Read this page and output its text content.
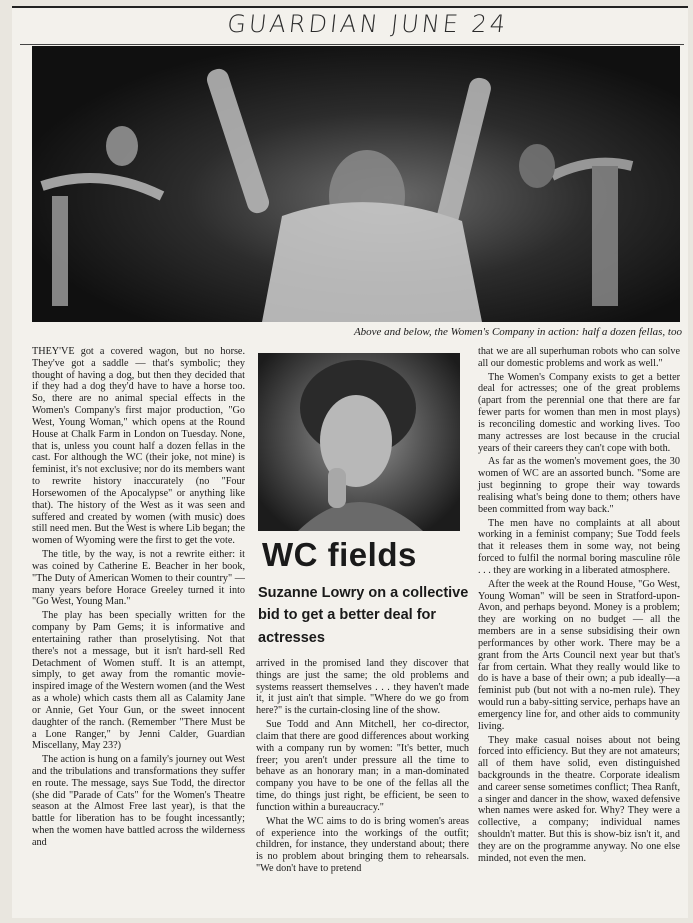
GUARDIAN JUNE 24
Above and below, the Women's Company in action: half a dozen fellas, too

THEY'VE got a covered wagon, but no horse. They've got a saddle — that's symbolic; they thought of having a dog, but then they decided that if they had a dog they'd have to have a horse too. So, there are no animal special effects in the Women's Company's first major production, "Go West, Young Woman," which opens at the Round House at Chalk Farm in London on Tuesday. None, that is, unless you count half a dozen fellas in the cast. For although the WC (their joke, not mine) is feminist, it's not exclusive; nor do its members want to rewrite history inaccurately (no "Four Horsewomen of the Apocalypse" or anything like that). The history of the West as it was seen and suffered and created by women (with music) does still need men. But the West is where Lib began; the women of Wyoming were the first to get the vote.

The title, by the way, is not a rewrite either: it was coined by Catherine E. Beacher in her book, "The Duty of American Women to their country" — many years before Horace Greeley turned it into "Go West, Young Man."

The play has been specially written for the company by Pam Gems; it is informative and entertaining rather than proselytising. Not that there's not a message, but it isn't hard-sell Red Detachment of Women stuff. It is an attempt, simply, to get away from the romantic movie-inspired image of the Western women (and the West as a whole) which casts them all as Calamity Jane or Annie, Get Your Gun, or the sweet innocent daughter of the ranch. (Remember "There Must be a Lone Ranger," by Jenni Calder, Guardian Miscellany, May 23?)

The action is hung on a family's journey out West and the tribulations and transformations they suffer en route. The message, says Sue Todd, the director (she did "Parade of Cats" for the Women's Theatre season at the Almost Free last year), is that the battle for liberation has to be fought incessantly; when the women have battled across the wilderness and

WC fields
Suzanne Lowry on a collective bid to get a better deal for actresses

arrived in the promised land they discover that things are just the same; the old problems and systems reassert themselves . . . they haven't made it, it just ain't that simple. "Where do we go from here?" is the curtain-closing line of the show.

Sue Todd and Ann Mitchell, her co-director, claim that there are good differences about working with a company run by women: "It's better, much freer; you aren't under pressure all the time to behave as an honorary man; in a man-dominated company you have to be one of the fellas all the time, do things just right, be efficient, be seen to function within a bureaucracy."

What the WC aims to do is bring women's areas of experience into the workings of the outfit; children, for instance, they understand about; there is no problem about bringing them to rehearsals. "We don't have to pretend

that we are all superhuman robots who can solve all our domestic problems and work as well."

The Women's Company exists to get a better deal for actresses; one of the great problems (apart from the perennial one that there are far fewer parts for women than men in most plays) is reconciling domestic and working lives. Too many actresses are lost because in the crucial years of their careers they can't cope with both.

As far as the women's movement goes, the 30 women of WC are an assorted bunch. "Some are just beginning to grope their way towards realising what's being done to them; others have been committed from way back."

The men have no complaints at all about working in a feminist company; Sue Todd feels that it releases them in some way, not being forced to fulfil the normal boring masculine rôle . . . they are working in a liberated atmosphere.

After the week at the Round House, "Go West, Young Woman" will be seen in Stratford-upon-Avon, and perhaps beyond. Money is a problem; they are working on no budget — all the members are in a sense subsidising their own performances by other work. There may be a grant from the Arts Council next year but that's far from certain. What they really would like to do is have a base of their own; a pub ideally—a feminist pub (but not with a no-men rule). They would run a baby-sitting service, perhaps have an emergency line for, and other aids to community living.

They make casual noises about not being forced into efficiency. But they are not amateurs; all of them have solid, even distinguished backgrounds in the theatre. Corporate idealism and career sense sometimes conflict; Thea Ranft, a singer and dancer in the show, waxed defensive when names were asked for. Why? They were a collective, a company; individual names shouldn't matter. But this is show-biz isn't it, and they are on the programme anyway. No one else minded, not even the men.
